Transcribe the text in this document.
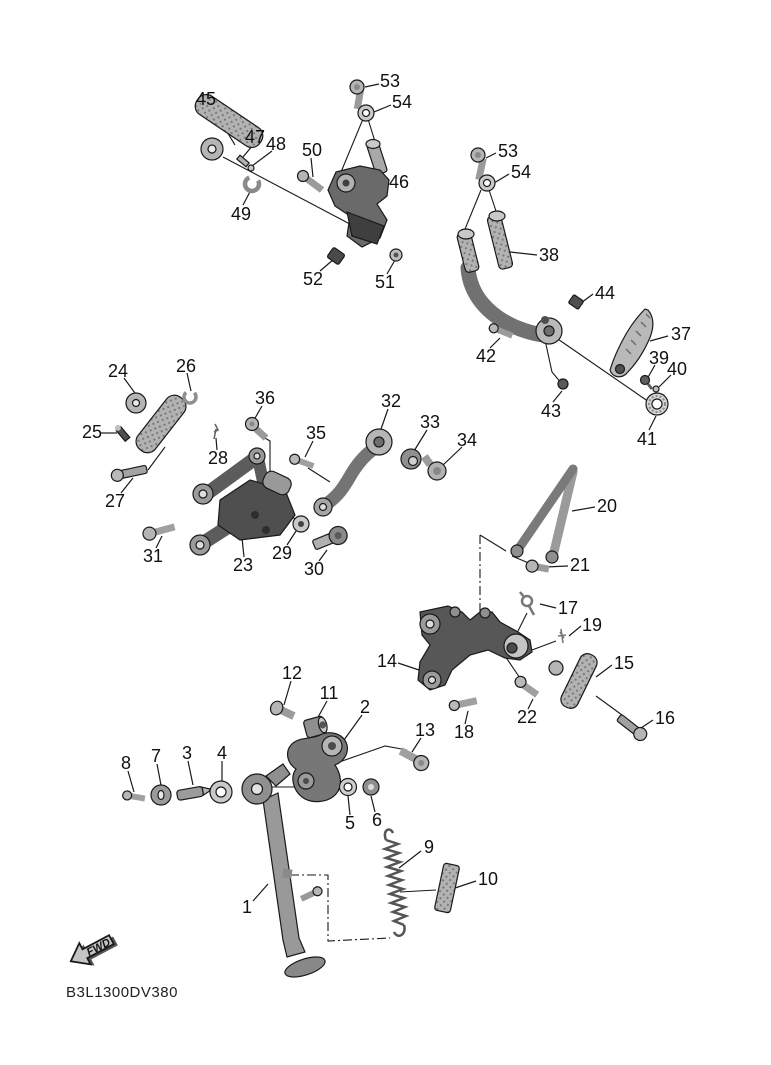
45
47 48 50
53
54
46
49
52	51
53
54
38
44
42
37
39
40
43
41
24	26
25
28
27
36
35
31	23
29
30
32
33
34
20
21
17
19
14	15
16
22
18
13
12
11
2
8 7 3 4
5 6
9
10
1
FWD
B3L1300DV380
